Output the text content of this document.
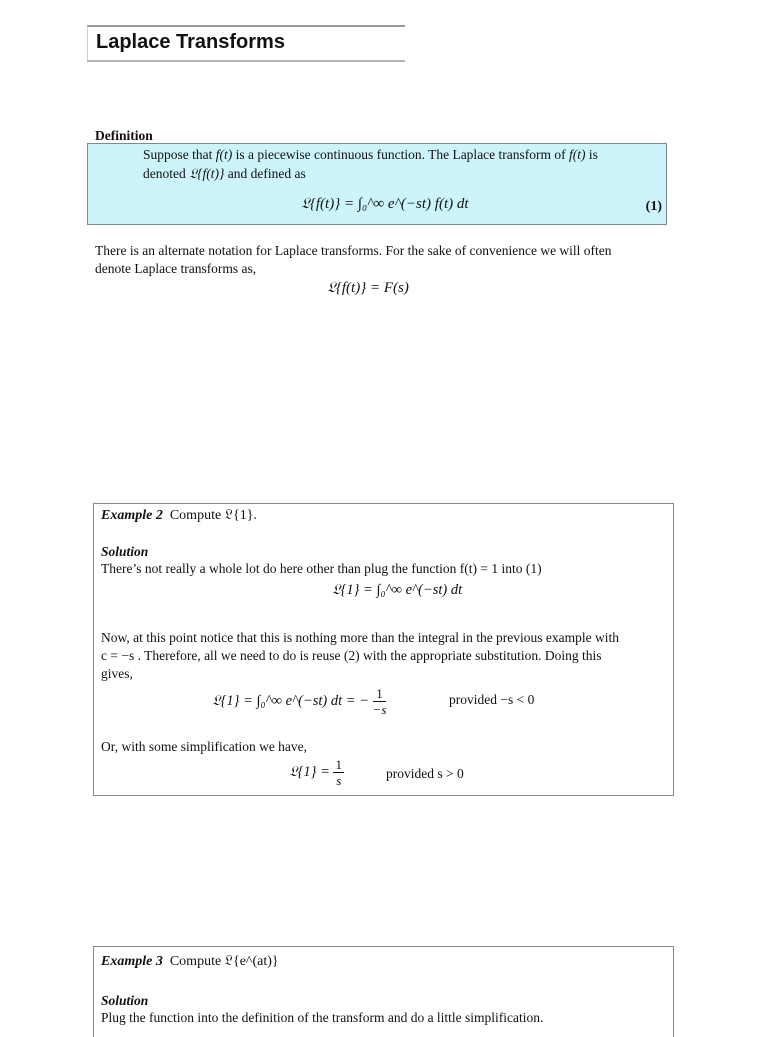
Laplace Transforms
Definition
Suppose that f(t) is a piecewise continuous function. The Laplace transform of f(t) is
denoted 𝔏{f(t)} and defined as
𝔏{f(t)} = ∫₀^∞ e^(−st) f(t) dt	(1)
There is an alternate notation for Laplace transforms. For the sake of convenience we will often
denote Laplace transforms as,
𝔏{f(t)} = F(s)
Example 2 Compute 𝔏{1}.
Solution
There’s not really a whole lot do here other than plug the function f(t) = 1 into (1)
𝔏{1} = ∫₀^∞ e^(−st) dt
Now, at this point notice that this is nothing more than the integral in the previous example with
c = −s . Therefore, all we need to do is reuse (2) with the appropriate substitution. Doing this
gives,
𝔏{1} = ∫₀^∞ e^(−st) dt = − $\frac{1}{-s}$	provided −s < 0
Or, with some simplification we have,
𝔏{1} = $\frac{1}{s}$	provided s > 0
Example 3 Compute 𝔏{e^(at)}
Solution
Plug the function into the definition of the transform and do a little simplification.
